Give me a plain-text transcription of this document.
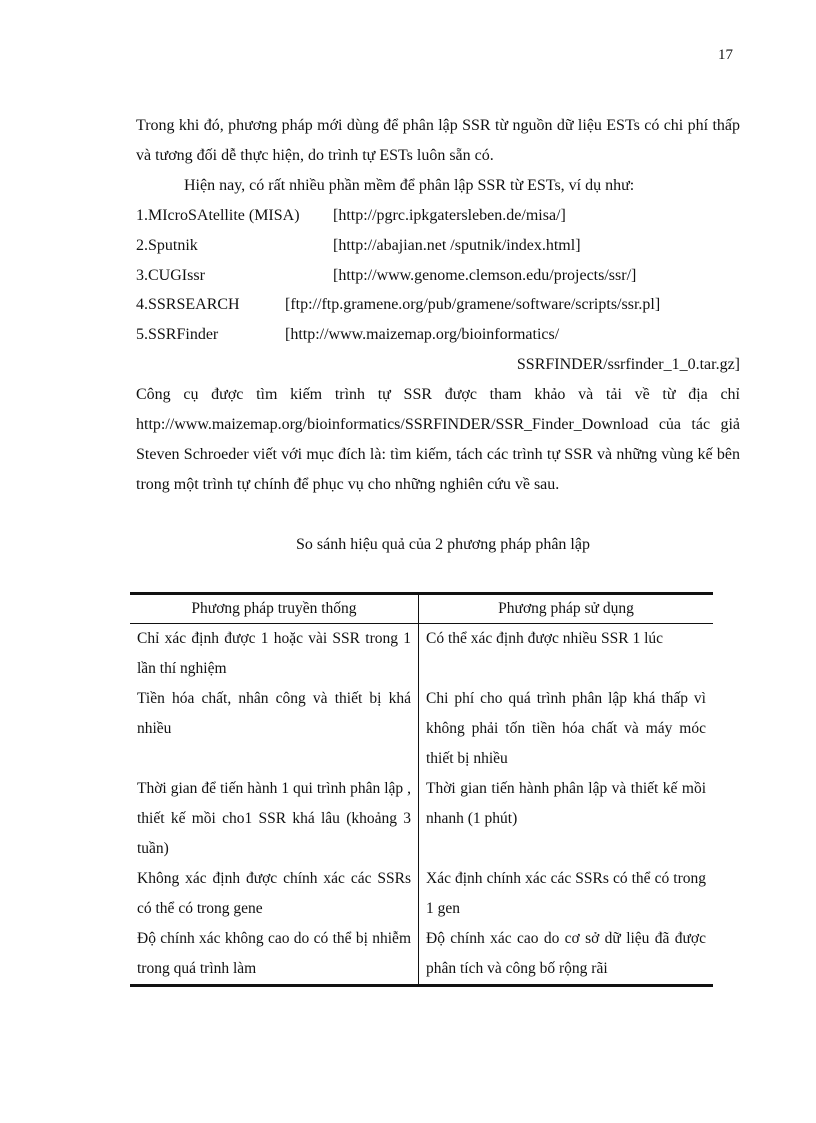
17
Trong khi đó, phương pháp mới dùng để phân lập SSR từ nguồn dữ liệu ESTs có chi phí thấp và tương đối dễ thực hiện, do trình tự ESTs luôn sẵn có.
Hiện nay, có rất nhiều phần mềm để phân lập SSR từ ESTs, ví dụ như:
1.MIcroSAtellite (MISA) [http://pgrc.ipkgatersleben.de/misa/]
2.Sputnik	[http://abajian.net /sputnik/index.html]
3.CUGIssr	[http://www.genome.clemson.edu/projects/ssr/]
4.SSRSEARCH	[ftp://ftp.gramene.org/pub/gramene/software/scripts/ssr.pl]
5.SSRFinder	[http://www.maizemap.org/bioinformatics/
SSRFINDER/ssrfinder_1_0.tar.gz]
Công cụ được tìm kiếm trình tự SSR được tham khảo và tải về từ địa chỉ http://www.maizemap.org/bioinformatics/SSRFINDER/SSR_Finder_Download của tác giả Steven Schroeder viết với mục đích là: tìm kiếm, tách các trình tự SSR và những vùng kế bên trong một trình tự chính để phục vụ cho những nghiên cứu về sau.
So sánh hiệu quả của 2 phương pháp phân lập
Phương pháp truyền thống	Phương pháp sử dụng
Chỉ xác định được 1 hoặc vài SSR trong 1 lần thí nghiệm	Có thể xác định được nhiều SSR 1 lúc
Tiền hóa chất, nhân công và thiết bị khá nhiều	Chi phí cho quá trình phân lập khá thấp vì không phải tốn tiền hóa chất và máy móc thiết bị nhiều
Thời gian để tiến hành 1 qui trình phân lập , thiết kế mồi cho1 SSR khá lâu (khoảng 3 tuần)	Thời gian tiến hành phân lập và thiết kế mồi nhanh (1 phút)
Không xác định được chính xác các SSRs có thể có trong gene	Xác định chính xác các SSRs có thể có trong 1 gen
Độ chính xác không cao do có thể bị nhiễm trong quá trình làm	Độ chính xác cao do cơ sở dữ liệu đã được phân tích và công bố rộng rãi
